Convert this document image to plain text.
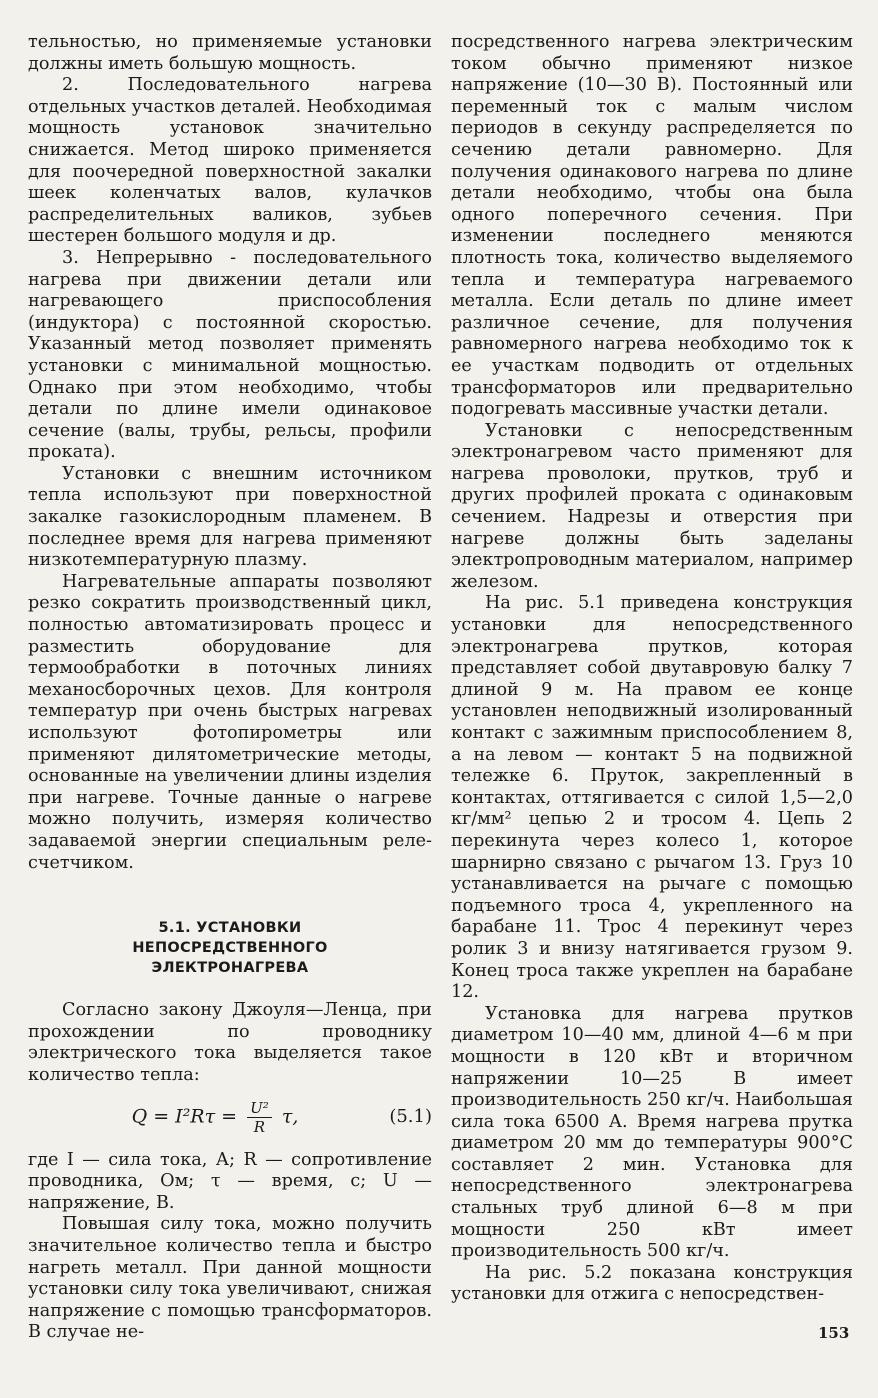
тельностью, но применяемые установки должны иметь большую мощность.

2. Последовательного нагрева отдельных участков деталей. Необходимая мощность установок значительно снижается. Метод широко применяется для поочередной поверхностной закалки шеек коленчатых валов, кулачков распределительных валиков, зубьев шестерен большого модуля и др.

3. Непрерывно - последовательного нагрева при движении детали или нагревающего приспособления (индуктора) с постоянной скоростью. Указанный метод позволяет применять установки с минимальной мощностью. Однако при этом необходимо, чтобы детали по длине имели одинаковое сечение (валы, трубы, рельсы, профили проката).

Установки с внешним источником тепла используют при поверхностной закалке газокислородным пламенем. В последнее время для нагрева применяют низкотемпературную плазму.

Нагревательные аппараты позволяют резко сократить производственный цикл, полностью автоматизировать процесс и разместить оборудование для термообработки в поточных линиях механосборочных цехов. Для контроля температур при очень быстрых нагревах используют фотопирометры или применяют дилятометрические методы, основанные на увеличении длины изделия при нагреве. Точные данные о нагреве можно получить, измеряя количество задаваемой энергии специальным реле-счетчиком.

5.1. УСТАНОВКИ
НЕПОСРЕДСТВЕННОГО
ЭЛЕКТРОНАГРЕВА

Согласно закону Джоуля—Ленца, при прохождении по проводнику электрического тока выделяется такое количество тепла:

$Q = I^2R\tau = \frac{\text{U²}}{R} \tau$,	(5.1)

где I — сила тока, А; R — сопротивление проводника, Ом; τ — время, с; U — напряжение, В.

Повышая силу тока, можно получить значительное количество тепла и быстро нагреть металл. При данной мощности установки силу тока увеличивают, снижая напряжение с помощью трансформаторов. В случае не-

посредственного нагрева электрическим током обычно применяют низкое напряжение (10—30 В). Постоянный или переменный ток с малым числом периодов в секунду распределяется по сечению детали равномерно. Для получения одинакового нагрева по длине детали необходимо, чтобы она была одного поперечного сечения. При изменении последнего меняются плотность тока, количество выделяемого тепла и температура нагреваемого металла. Если деталь по длине имеет различное сечение, для получения равномерного нагрева необходимо ток к ее участкам подводить от отдельных трансформаторов или предварительно подогревать массивные участки детали.

Установки с непосредственным электронагревом часто применяют для нагрева проволоки, прутков, труб и других профилей проката с одинаковым сечением. Надрезы и отверстия при нагреве должны быть заделаны электропроводным материалом, например железом.

На рис. 5.1 приведена конструкция установки для непосредственного электронагрева прутков, которая представляет собой двутавровую балку 7 длиной 9 м. На правом ее конце установлен неподвижный изолированный контакт с зажимным приспособлением 8, а на левом — контакт 5 на подвижной тележке 6. Пруток, закрепленный в контактах, оттягивается с силой 1,5—2,0 кг/мм² цепью 2 и тросом 4. Цепь 2 перекинута через колесо 1, которое шарнирно связано с рычагом 13. Груз 10 устанавливается на рычаге с помощью подъемного троса 4, укрепленного на барабане 11. Трос 4 перекинут через ролик 3 и внизу натягивается грузом 9. Конец троса также укреплен на барабане 12.

Установка для нагрева прутков диаметром 10—40 мм, длиной 4—6 м при мощности в 120 кВт и вторичном напряжении 10—25 В имеет производительность 250 кг/ч. Наибольшая сила тока 6500 А. Время нагрева прутка диаметром 20 мм до температуры 900°С составляет 2 мин. Установка для непосредственного электронагрева стальных труб длиной 6—8 м при мощности 250 кВт имеет производительность 500 кг/ч.

На рис. 5.2 показана конструкция установки для отжига с непосредствен-

153
